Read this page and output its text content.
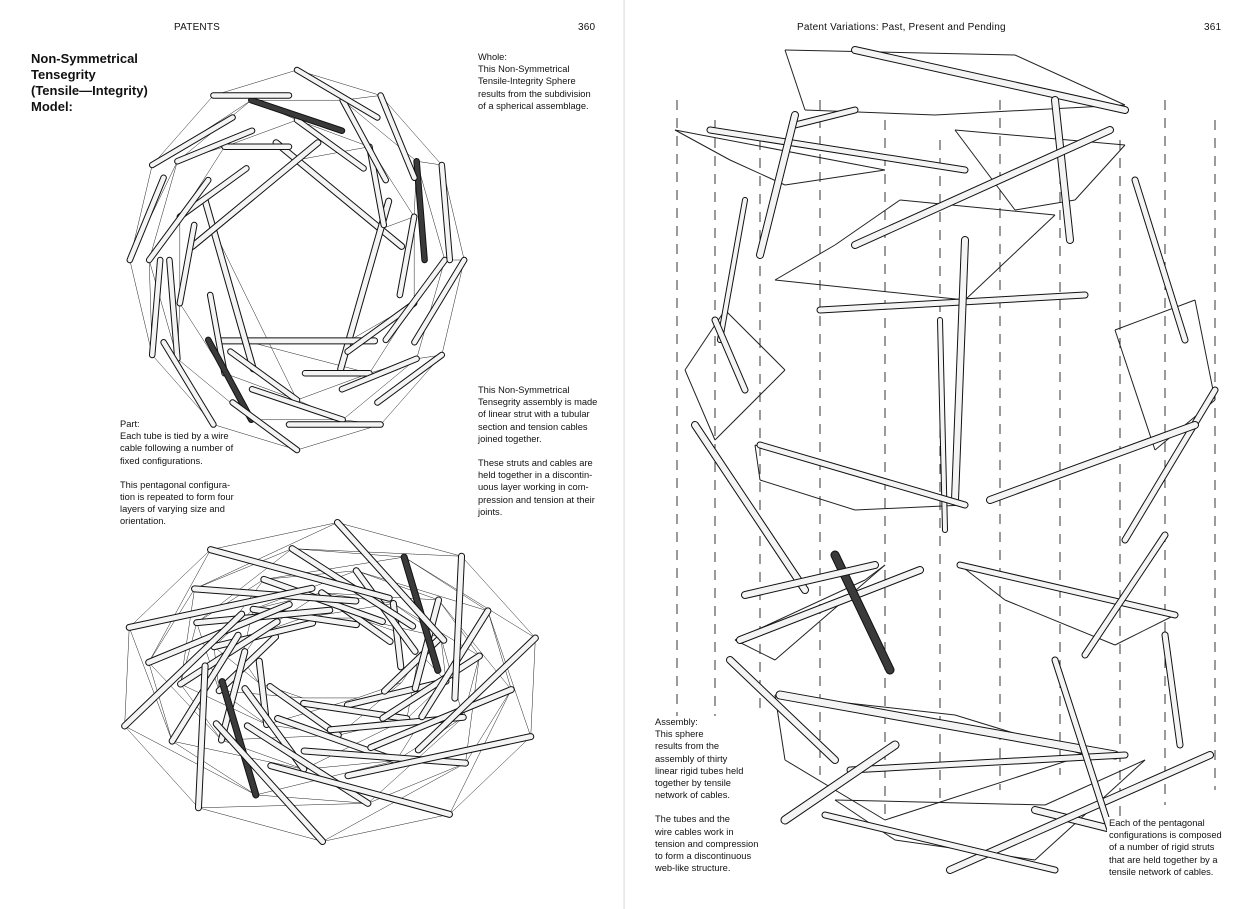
PATENTS	360
Non-Symmetrical
Tensegrity
(Tensile—Integrity)
Model:
Whole:
This Non-Symmetrical
Tensile-Integrity Sphere
results from the subdivision
of a spherical assemblage.
This Non-Symmetrical
Tensegrity assembly is made
of linear strut with a tubular
section and tension cables
joined together.
These struts and cables are
held together in a discontin-
uous layer working in com-
pression and tension at their
joints.
Part:
Each tube is tied by a wire
cable following a number of
fixed configurations.
This pentagonal configura-
tion is repeated to form four
layers of varying size and
orientation.
Patent Variations: Past, Present and Pending	361
Assembly:
This sphere
results from the
assembly of thirty
linear rigid tubes held
together by tensile
network of cables.
The tubes and the
wire cables work in
tension and compression
to form a discontinuous
web-like structure.
Each of the pentagonal
configurations is composed
of a number of rigid struts
that are held together by a
tensile network of cables.
